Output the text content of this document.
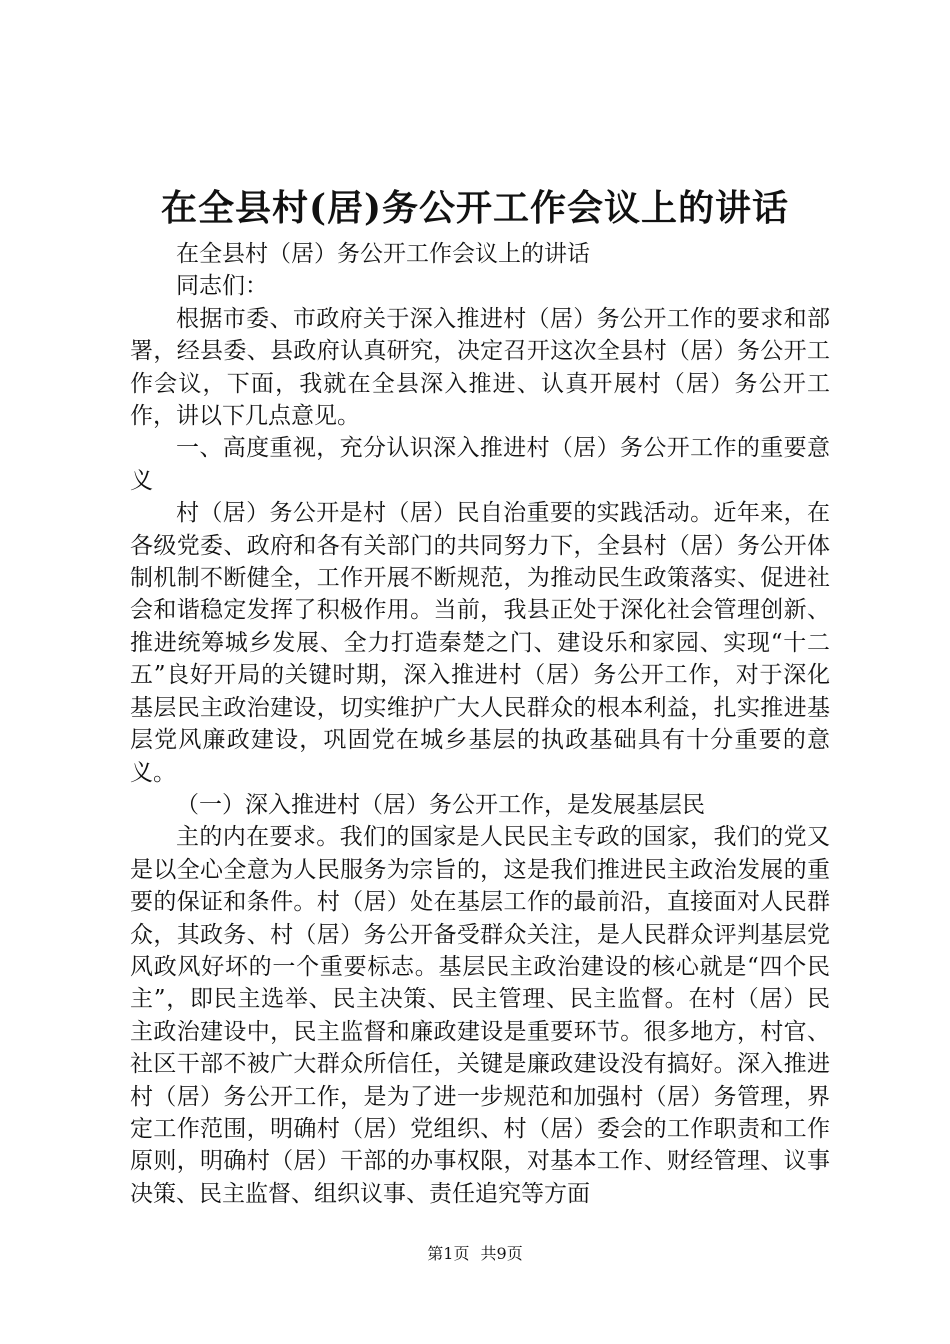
在全县村(居)务公开工作会议上的讲话

在全县村（居）务公开工作会议上的讲话

同志们：

根据市委、市政府关于深入推进村（居）务公开工作的要求和部署，经县委、县政府认真研究，决定召开这次全县村（居）务公开工作会议，下面，我就在全县深入推进、认真开展村（居）务公开工作，讲以下几点意见。

一、高度重视，充分认识深入推进村（居）务公开工作的重要意义

村（居）务公开是村（居）民自治重要的实践活动。近年来，在各级党委、政府和各有关部门的共同努力下，全县村（居）务公开体制机制不断健全，工作开展不断规范，为推动民生政策落实、促进社会和谐稳定发挥了积极作用。当前，我县正处于深化社会管理创新、推进统筹城乡发展、全力打造秦楚之门、建设乐和家园、实现“十二五”良好开局的关键时期，深入推进村（居）务公开工作，对于深化基层民主政治建设，切实维护广大人民群众的根本利益，扎实推进基层党风廉政建设，巩固党在城乡基层的执政基础具有十分重要的意义。

（一）深入推进村（居）务公开工作，是发展基层民

主的内在要求。我们的国家是人民民主专政的国家，我们的党又是以全心全意为人民服务为宗旨的，这是我们推进民主政治发展的重要的保证和条件。村（居）处在基层工作的最前沿，直接面对人民群众，其政务、村（居）务公开备受群众关注，是人民群众评判基层党风政风好坏的一个重要标志。基层民主政治建设的核心就是“四个民主”，即民主选举、民主决策、民主管理、民主监督。在村（居）民主政治建设中，民主监督和廉政建设是重要环节。很多地方，村官、社区干部不被广大群众所信任，关键是廉政建设没有搞好。深入推进村（居）务公开工作，是为了进一步规范和加强村（居）务管理，界定工作范围，明确村（居）党组织、村（居）委会的工作职责和工作原则，明确村（居）干部的办事权限，对基本工作、财经管理、议事决策、民主监督、组织议事、责任追究等方面

第1页 共9页
